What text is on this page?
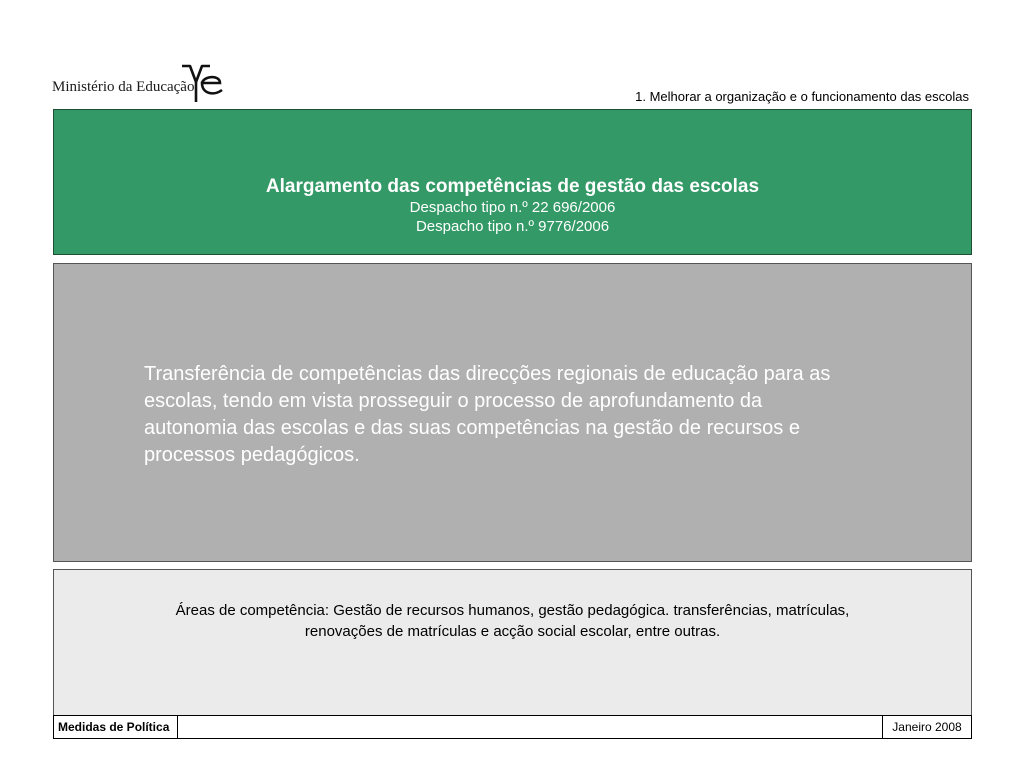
Ministério da Educação
1. Melhorar a organização e o funcionamento das escolas
Alargamento das competências de gestão das escolas
Despacho tipo n.º 22 696/2006
Despacho tipo n.º 9776/2006
Transferência de competências das direcções regionais de educação para as escolas, tendo em vista prosseguir o processo de aprofundamento da autonomia das escolas e das suas competências na gestão de recursos e processos pedagógicos.
Áreas de competência: Gestão de recursos humanos, gestão pedagógica. transferências, matrículas, renovações de matrículas e acção social escolar, entre outras.
Medidas de Política	Janeiro 2008
